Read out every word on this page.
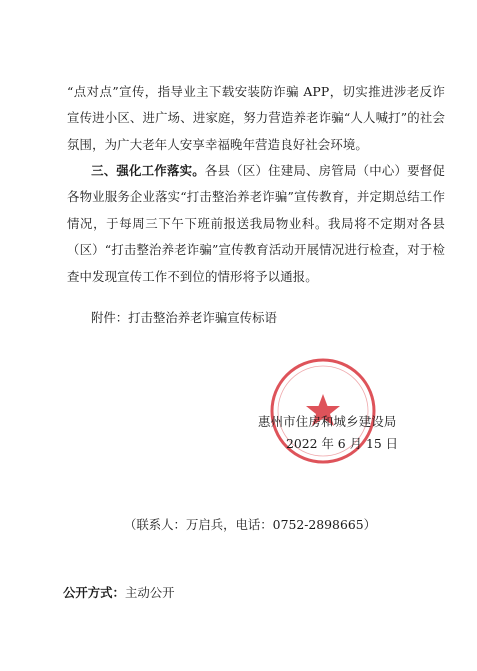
“点对点”宣传，指导业主下载安装防诈骗 APP，切实推进涉老反诈宣传进小区、进广场、进家庭，努力营造养老诈骗“人人喊打”的社会氛围，为广大老年人安享幸福晚年营造良好社会环境。

三、强化工作落实。各县（区）住建局、房管局（中心）要督促各物业服务企业落实“打击整治养老诈骗”宣传教育，并定期总结工作情况，于每周三下午下班前报送我局物业科。我局将不定期对各县（区）“打击整治养老诈骗”宣传教育活动开展情况进行检查，对于检查中发现宣传工作不到位的情形将予以通报。

附件：打击整治养老诈骗宣传标语
惠州市住房和城乡建设局
2022 年 6 月 15 日
（联系人：万启兵，电话：0752-2898665）
公开方式：主动公开
